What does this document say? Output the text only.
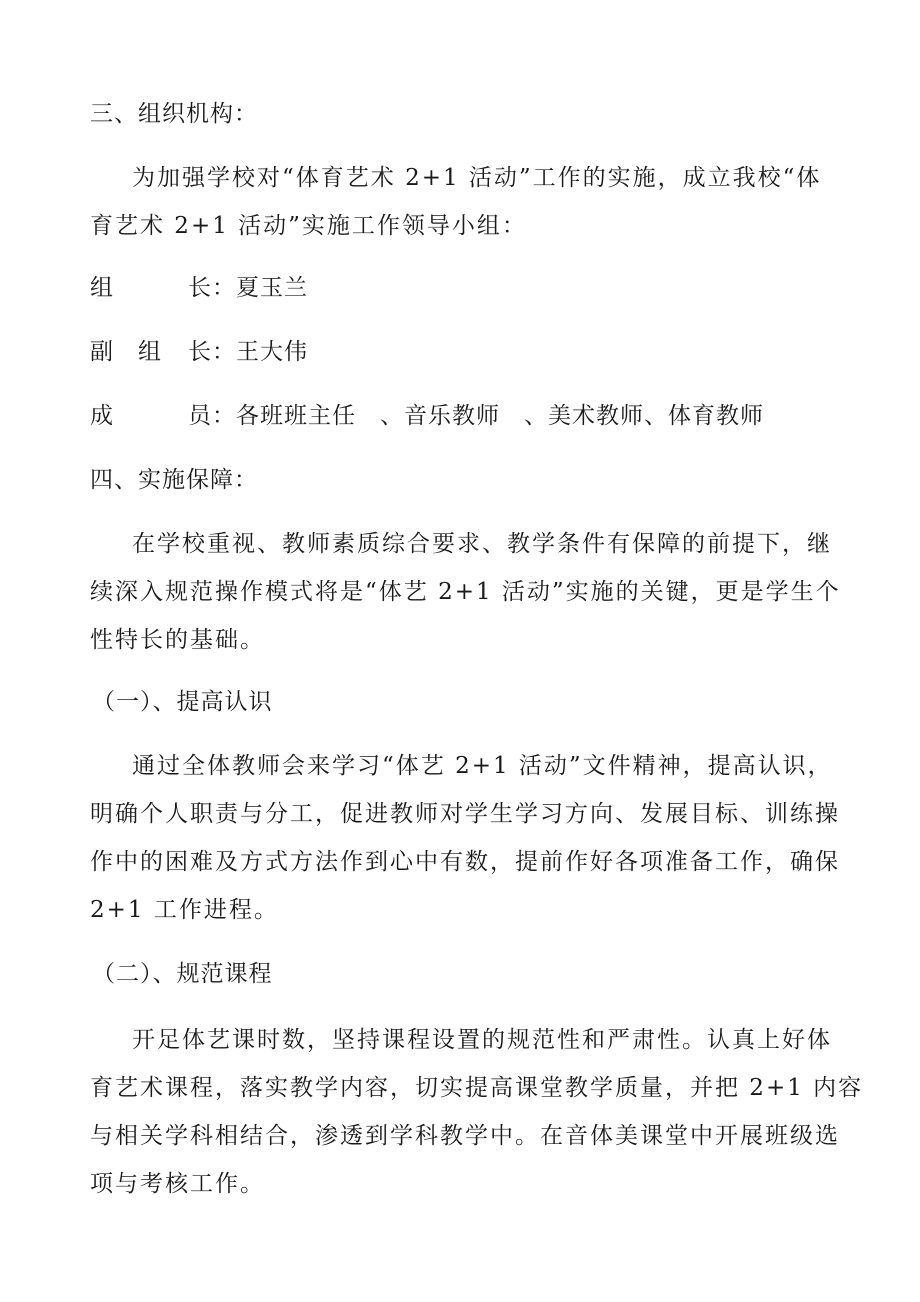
三、组织机构：
为加强学校对“体育艺术 2+1 活动”工作的实施，成立我校“体
育艺术 2+1 活动”实施工作领导小组：
组	长：夏玉兰
副 组 长：王大伟
成	员：各班班主任　、音乐教师　、美术教师、体育教师
四、实施保障：
在学校重视、教师素质综合要求、教学条件有保障的前提下，继
续深入规范操作模式将是“体艺 2+1 活动”实施的关键，更是学生个
性特长的基础。
（一）、提高认识
通过全体教师会来学习“体艺 2+1 活动”文件精神，提高认识，
明确个人职责与分工，促进教师对学生学习方向、发展目标、训练操
作中的困难及方式方法作到心中有数，提前作好各项准备工作，确保
2+1 工作进程。
（二）、规范课程
开足体艺课时数，坚持课程设置的规范性和严肃性。认真上好体
育艺术课程，落实教学内容，切实提高课堂教学质量，并把 2+1 内容
与相关学科相结合，渗透到学科教学中。在音体美课堂中开展班级选
项与考核工作。
